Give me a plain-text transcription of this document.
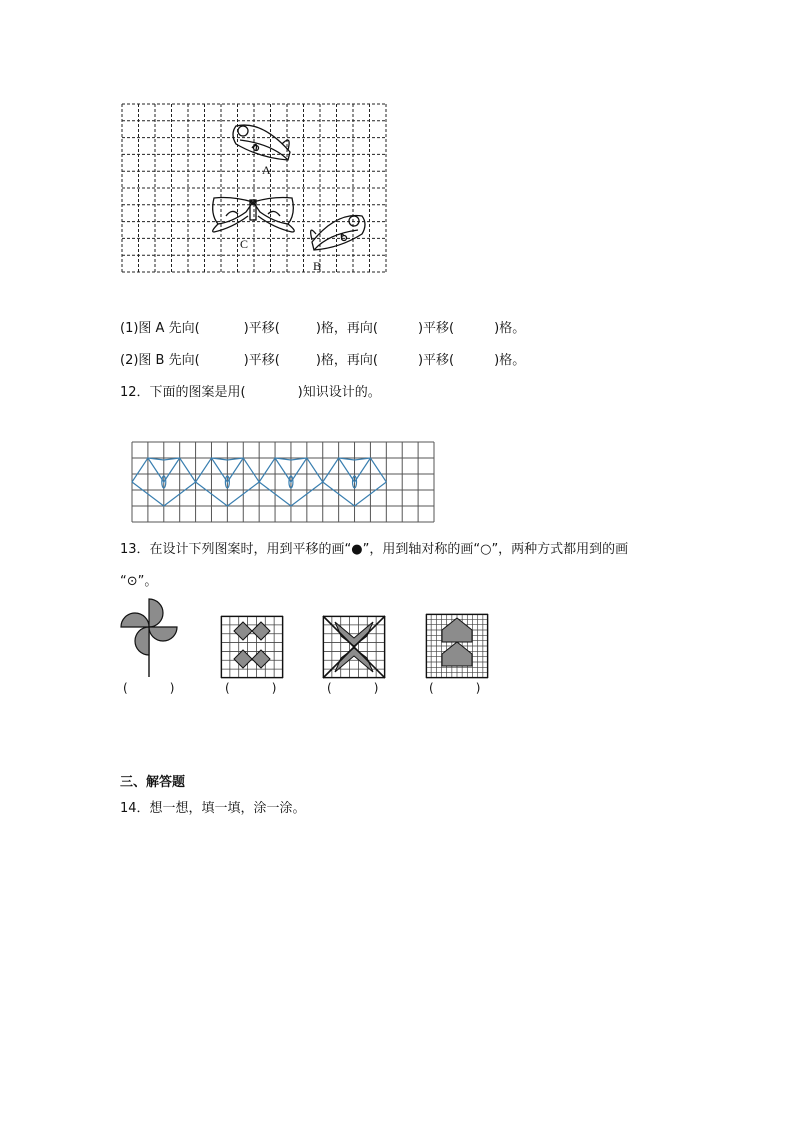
A
C
B
(1)图 A 先向(	)平移(	)格，再向(	)平移(	)格。
(2)图 B 先向(	)平移(	)格，再向(	)平移(	)格。
12．下面的图案是用(	)知识设计的。
13．在设计下列图案时，用到平移的画“●”，用到轴对称的画“○”，两种方式都用到的画
“⊙”。
(	)	(	)	(	)	(	)
三、解答题
14．想一想，填一填，涂一涂。
